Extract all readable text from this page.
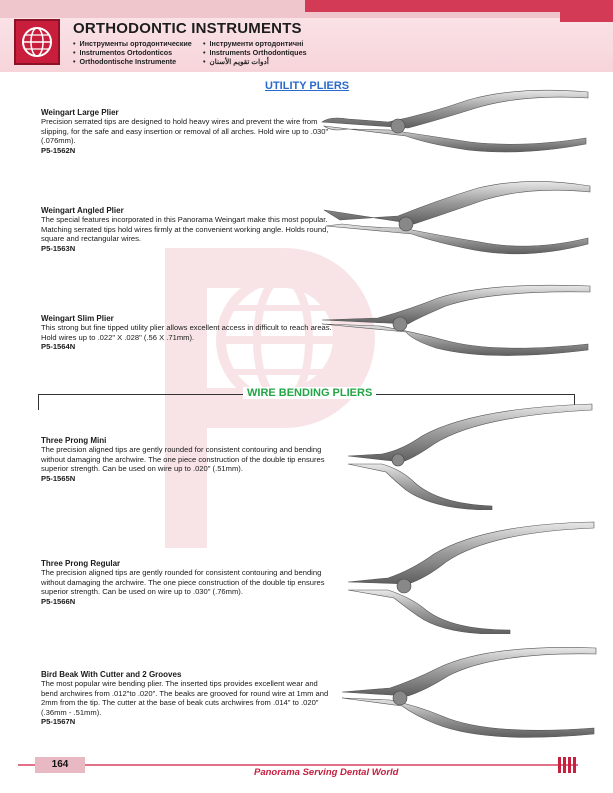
ORTHODONTIC INSTRUMENTS
• Инструменты ортодонтические
• Instrumentos Ortodonticos
• Orthodontische Instrumente
• Інструменти ортодонтичні
• Instruments Orthodontiques
• أدوات تقويم الأسنان
UTILITY PLIERS
WIRE BENDING PLIERS
Weingart Large Plier
Precision serrated tips are designed to hold heavy wires and prevent the wire from slipping, for the safe and easy insertion or removal of all arches. Hold wire up to .030" (.076mm).
P5-1562N
Weingart Angled Plier
The special features incorporated in this Panorama Weingart make this most popular. Matching serrated tips hold wires firmly at the convenient working angle. Holds round, square and rectangular wires.
P5-1563N
Weingart Slim Plier
This strong but fine tipped utility plier allows excellent access in difficult to reach areas. Hold wires up to .022" X .028" (.56 X .71mm).
P5-1564N
Three Prong Mini
The precision aligned tips are gently rounded for consistent contouring and bending without damaging the archwire. The one piece construction of the double tip ensures superior strength. Can be used on wire up to .020" (.51mm).
P5-1565N
Three Prong Regular
The precision aligned tips are gently rounded for consistent contouring and bending without damaging the archwire. The one piece construction of the double tip ensures superior strength. Can be used on wire up to .030" (.76mm).
P5-1566N
Bird Beak With Cutter and 2 Grooves
The most popular wire bending plier. The inserted tips provides excellent wear and bend archwires from .012"to .020". The beaks are grooved for round wire at 1mm and 2mm from the tip. The cutter at the base of beak cuts archwires from .014" to .020" (.36mm - .51mm).
P5-1567N
164
Panorama Serving Dental World
